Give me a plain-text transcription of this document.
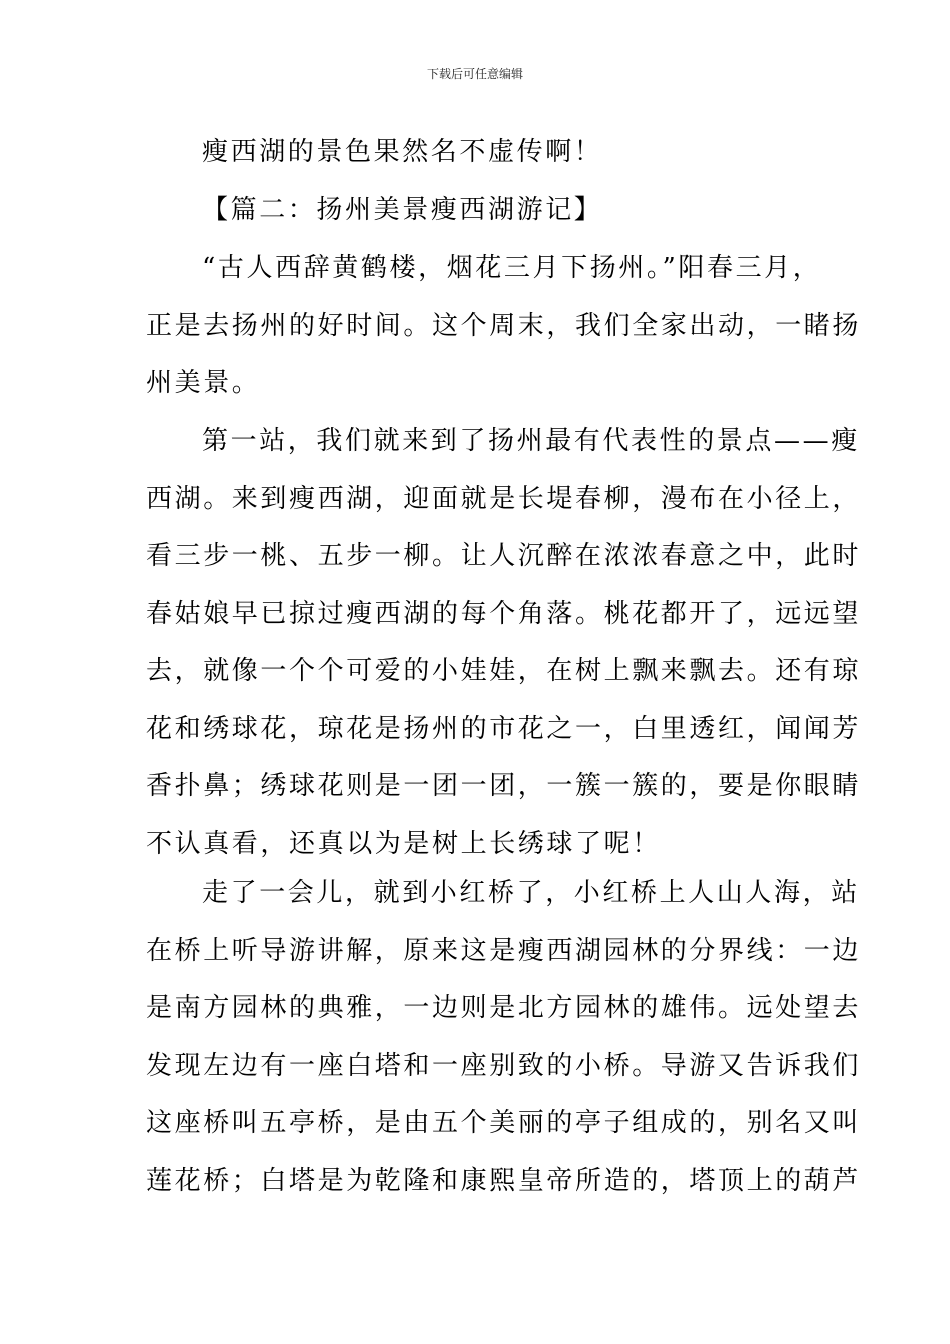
下载后可任意编辑

瘦西湖的景色果然名不虚传啊！

【篇二：扬州美景瘦西湖游记】

“古人西辞黄鹤楼，烟花三月下扬州。”阳春三月，
正是去扬州的好时间。这个周末，我们全家出动，一睹扬
州美景。

第一站，我们就来到了扬州最有代表性的景点——瘦
西湖。来到瘦西湖，迎面就是长堤春柳，漫布在小径上，
看三步一桃、五步一柳。让人沉醉在浓浓春意之中，此时
春姑娘早已掠过瘦西湖的每个角落。桃花都开了，远远望
去，就像一个个可爱的小娃娃，在树上飘来飘去。还有琼
花和绣球花，琼花是扬州的市花之一，白里透红，闻闻芳
香扑鼻；绣球花则是一团一团，一簇一簇的，要是你眼睛
不认真看，还真以为是树上长绣球了呢！

走了一会儿，就到小红桥了，小红桥上人山人海，站
在桥上听导游讲解，原来这是瘦西湖园林的分界线：一边
是南方园林的典雅，一边则是北方园林的雄伟。远处望去
发现左边有一座白塔和一座别致的小桥。导游又告诉我们
这座桥叫五亭桥，是由五个美丽的亭子组成的，别名又叫
莲花桥；白塔是为乾隆和康熙皇帝所造的，塔顶上的葫芦
